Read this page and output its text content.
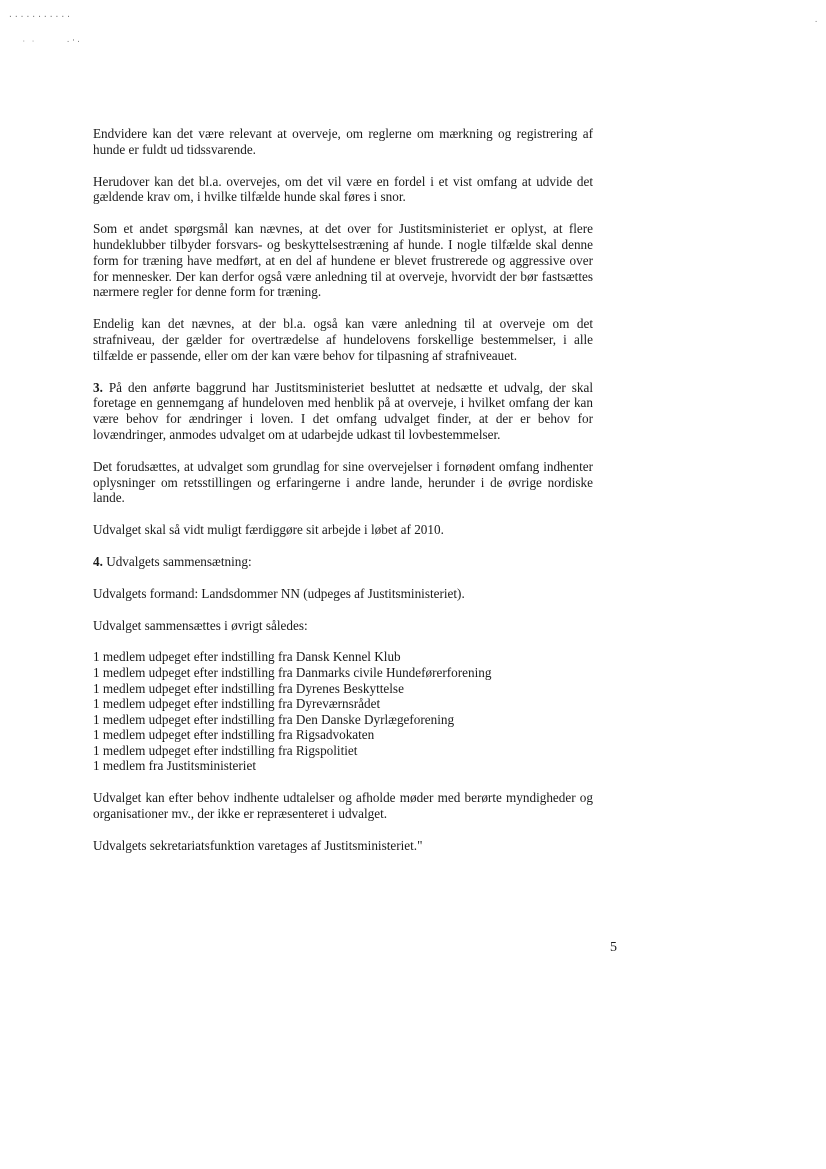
...........
· ·	·'·
·

Endvidere kan det være relevant at overveje, om reglerne om mærkning og registrering af hunde er fuldt ud tidssvarende.

Herudover kan det bl.a. overvejes, om det vil være en fordel i et vist omfang at udvide det gældende krav om, i hvilke tilfælde hunde skal føres i snor.

Som et andet spørgsmål kan nævnes, at det over for Justitsministeriet er oplyst, at flere hundeklubber tilbyder forsvars- og beskyttelsestræning af hunde. I nogle tilfælde skal denne form for træning have medført, at en del af hundene er blevet frustrerede og aggressive over for mennesker. Der kan derfor også være anledning til at overveje, hvorvidt der bør fastsættes nærmere regler for denne form for træning.

Endelig kan det nævnes, at der bl.a. også kan være anledning til at overveje om det strafniveau, der gælder for overtrædelse af hundelovens forskellige bestemmelser, i alle tilfælde er passende, eller om der kan være behov for tilpasning af strafniveauet.

3. På den anførte baggrund har Justitsministeriet besluttet at nedsætte et udvalg, der skal foretage en gennemgang af hundeloven med henblik på at overveje, i hvilket omfang der kan være behov for ændringer i loven. I det omfang udvalget finder, at der er behov for lovændringer, anmodes udvalget om at udarbejde udkast til lovbestemmelser.

Det forudsættes, at udvalget som grundlag for sine overvejelser i fornødent omfang indhenter oplysninger om retsstillingen og erfaringerne i andre lande, herunder i de øvrige nordiske lande.

Udvalget skal så vidt muligt færdiggøre sit arbejde i løbet af 2010.

4. Udvalgets sammensætning:

Udvalgets formand: Landsdommer NN (udpeges af Justitsministeriet).

Udvalget sammensættes i øvrigt således:

1 medlem udpeget efter indstilling fra Dansk Kennel Klub
1 medlem udpeget efter indstilling fra Danmarks civile Hundeførerforening
1 medlem udpeget efter indstilling fra Dyrenes Beskyttelse
1 medlem udpeget efter indstilling fra Dyreværnsrådet
1 medlem udpeget efter indstilling fra Den Danske Dyrlægeforening
1 medlem udpeget efter indstilling fra Rigsadvokaten
1 medlem udpeget efter indstilling fra Rigspolitiet
1 medlem fra Justitsministeriet

Udvalget kan efter behov indhente udtalelser og afholde møder med berørte myndigheder og organisationer mv., der ikke er repræsenteret i udvalget.

Udvalgets sekretariatsfunktion varetages af Justitsministeriet."

5
